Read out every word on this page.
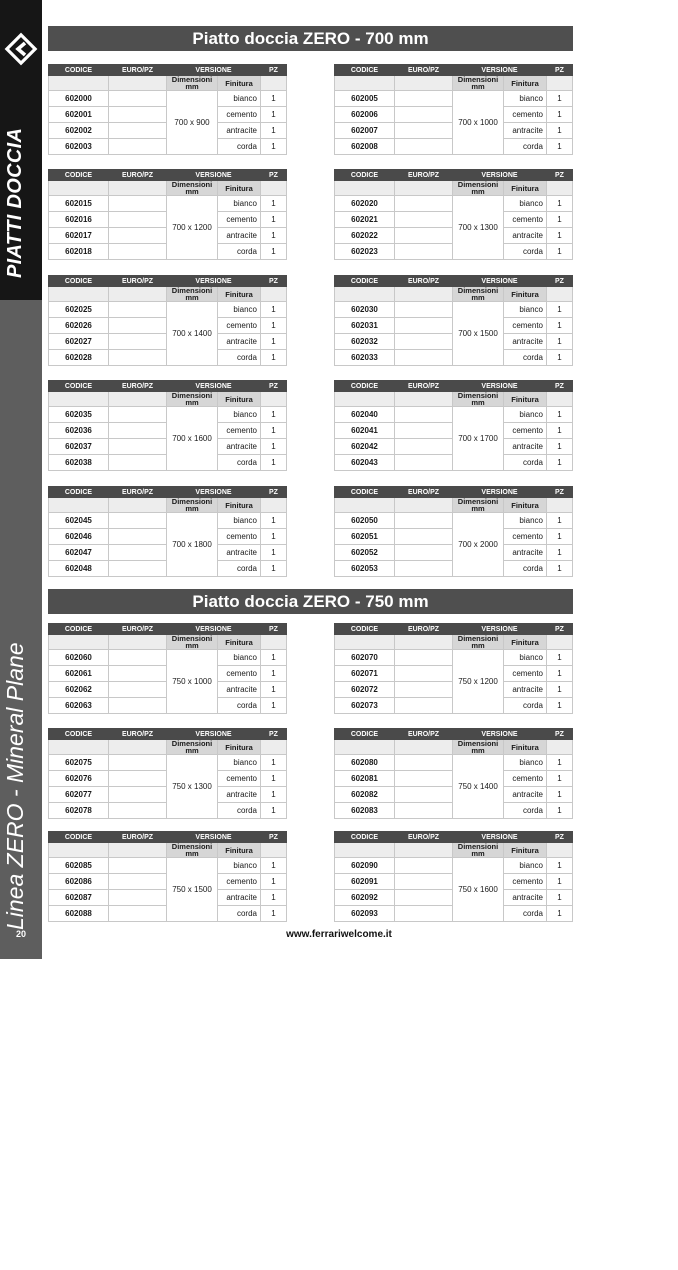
PIATTI DOCCIA
Linea ZERO - Mineral Plane
20
Piatto doccia ZERO - 700 mm
Piatto doccia ZERO - 750 mm
CODICE	EURO/PZ	VERSIONE		PZ
		Dimensioni
mm	Finitura	
602000		700 x 900	bianco	1
602001			cemento	1
602002			antracite	1
602003			corda	1
CODICE	EURO/PZ	VERSIONE		PZ
		Dimensioni
mm	Finitura	
602005		700 x 1000	bianco	1
602006			cemento	1
602007			antracite	1
602008			corda	1
CODICE	EURO/PZ	VERSIONE		PZ
		Dimensioni
mm	Finitura	
602015		700 x 1200	bianco	1
602016			cemento	1
602017			antracite	1
602018			corda	1
CODICE	EURO/PZ	VERSIONE		PZ
		Dimensioni
mm	Finitura	
602020		700 x 1300	bianco	1
602021			cemento	1
602022			antracite	1
602023			corda	1
CODICE	EURO/PZ	VERSIONE		PZ
		Dimensioni
mm	Finitura	
602025		700 x 1400	bianco	1
602026			cemento	1
602027			antracite	1
602028			corda	1
CODICE	EURO/PZ	VERSIONE		PZ
		Dimensioni
mm	Finitura	
602030		700 x 1500	bianco	1
602031			cemento	1
602032			antracite	1
602033			corda	1
CODICE	EURO/PZ	VERSIONE		PZ
		Dimensioni
mm	Finitura	
602035		700 x 1600	bianco	1
602036			cemento	1
602037			antracite	1
602038			corda	1
CODICE	EURO/PZ	VERSIONE		PZ
		Dimensioni
mm	Finitura	
602040		700 x 1700	bianco	1
602041			cemento	1
602042			antracite	1
602043			corda	1
CODICE	EURO/PZ	VERSIONE		PZ
		Dimensioni
mm	Finitura	
602045		700 x 1800	bianco	1
602046			cemento	1
602047			antracite	1
602048			corda	1
CODICE	EURO/PZ	VERSIONE		PZ
		Dimensioni
mm	Finitura	
602050		700 x 2000	bianco	1
602051			cemento	1
602052			antracite	1
602053			corda	1
CODICE	EURO/PZ	VERSIONE		PZ
		Dimensioni
mm	Finitura	
602060		750 x 1000	bianco	1
602061			cemento	1
602062			antracite	1
602063			corda	1
CODICE	EURO/PZ	VERSIONE		PZ
		Dimensioni
mm	Finitura	
602070		750 x 1200	bianco	1
602071			cemento	1
602072			antracite	1
602073			corda	1
CODICE	EURO/PZ	VERSIONE		PZ
		Dimensioni
mm	Finitura	
602075		750 x 1300	bianco	1
602076			cemento	1
602077			antracite	1
602078			corda	1
CODICE	EURO/PZ	VERSIONE		PZ
		Dimensioni
mm	Finitura	
602080		750 x 1400	bianco	1
602081			cemento	1
602082			antracite	1
602083			corda	1
CODICE	EURO/PZ	VERSIONE		PZ
		Dimensioni
mm	Finitura	
602085		750 x 1500	bianco	1
602086			cemento	1
602087			antracite	1
602088			corda	1
CODICE	EURO/PZ	VERSIONE		PZ
		Dimensioni
mm	Finitura	
602090		750 x 1600	bianco	1
602091			cemento	1
602092			antracite	1
602093			corda	1
www.ferrariwelcome.it
